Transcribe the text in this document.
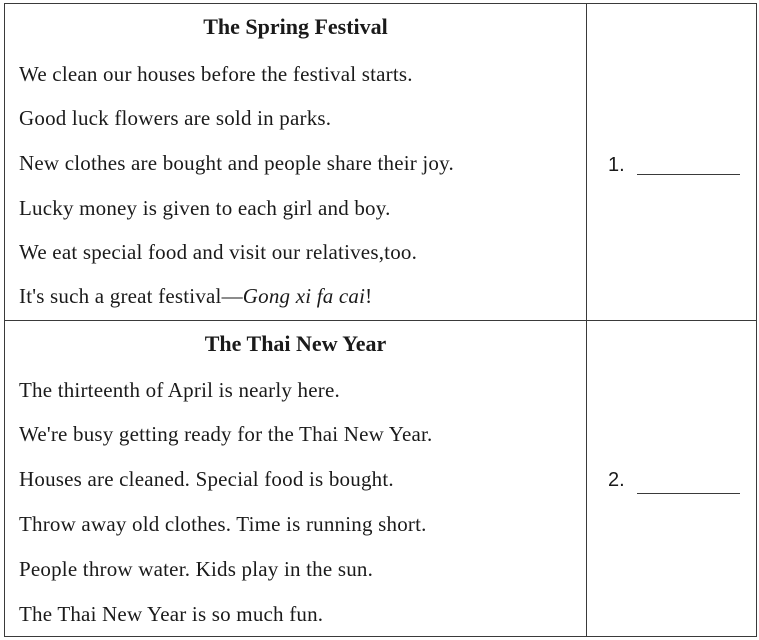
The Spring Festival

We clean our houses before the festival starts.

Good luck flowers are sold in parks.

New clothes are bought and people share their joy.

Lucky money is given to each girl and boy.

We eat special food and visit our relatives,too.

It's such a great festival—Gong xi fa cai!

1.
The Thai New Year

The thirteenth of April is nearly here.

We're busy getting ready for the Thai New Year.

Houses are cleaned. Special food is bought.

Throw away old clothes. Time is running short.

People throw water. Kids play in the sun.

The Thai New Year is so much fun.

2.
